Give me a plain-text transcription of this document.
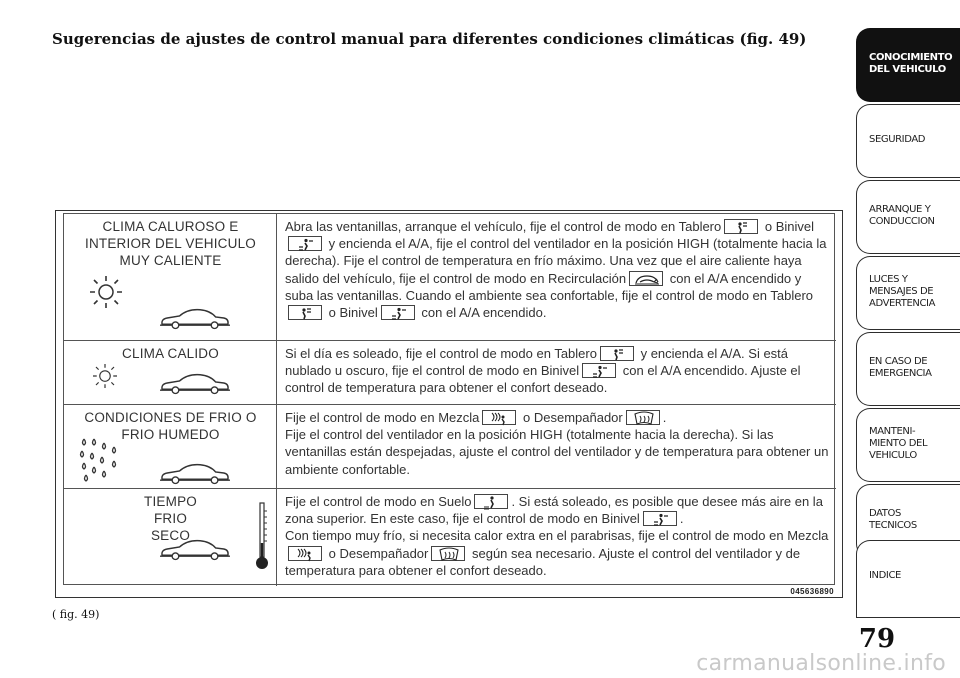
Sugerencias de ajustes de control manual para diferentes condiciones climáticas (fig. 49)
CLIMA CALUROSO E INTERIOR DEL VEHICULO MUY CALIENTE
Abra las ventanillas, arranque el vehículo, fije el control de modo en Tablero	o Binivel
y encienda el A/A, fije el control del ventilador en la posición HIGH (totalmente hacia la derecha). Fije el control de temperatura en frío máximo. Una vez que el aire caliente haya salido del vehículo, fije el control de modo en Recirculación	con el A/A encendido y suba las ventanillas. Cuando el ambiente sea confortable, fije el control de modo en Tablero
o Binivel	con el A/A encendido.
CLIMA CALIDO	Si el día es soleado, fije el control de modo en Tablero	y encienda el A/A. Si está nublado u oscuro, fije el control de modo en Binivel	con el A/A encendido. Ajuste el control de temperatura para obtener el confort deseado.
CONDICIONES DE FRIO O FRIO HUMEDO
Fije el control de modo en Mezcla	o Desempañador	.
Fije el control del ventilador en la posición HIGH (totalmente hacia la derecha). Si las ventanillas están despejadas, ajuste el control del ventilador y de temperatura para obtener un ambiente confortable.
TIEMPO FRIO SECO
Fije el control de modo en Suelo	. Si está soleado, es posible que desee más aire en la zona superior. En este caso, fije el control de modo en Binivel	.
Con tiempo muy frío, si necesita calor extra en el parabrisas, fije el control de modo en Mezcla
o Desempañador	según sea necesario. Ajuste el control del ventilador y de temperatura para obtener el confort deseado.
045636890
( fig. 49)
CONOCIMIENTO
DEL VEHICULO
SEGURIDAD
ARRANQUE Y
CONDUCCION
LUCES Y
MENSAJES DE
ADVERTENCIA
EN CASO DE
EMERGENCIA
MANTENI-
MIENTO DEL
VEHICULO
DATOS
TECNICOS
INDICE
79
carmanualsonline.info
